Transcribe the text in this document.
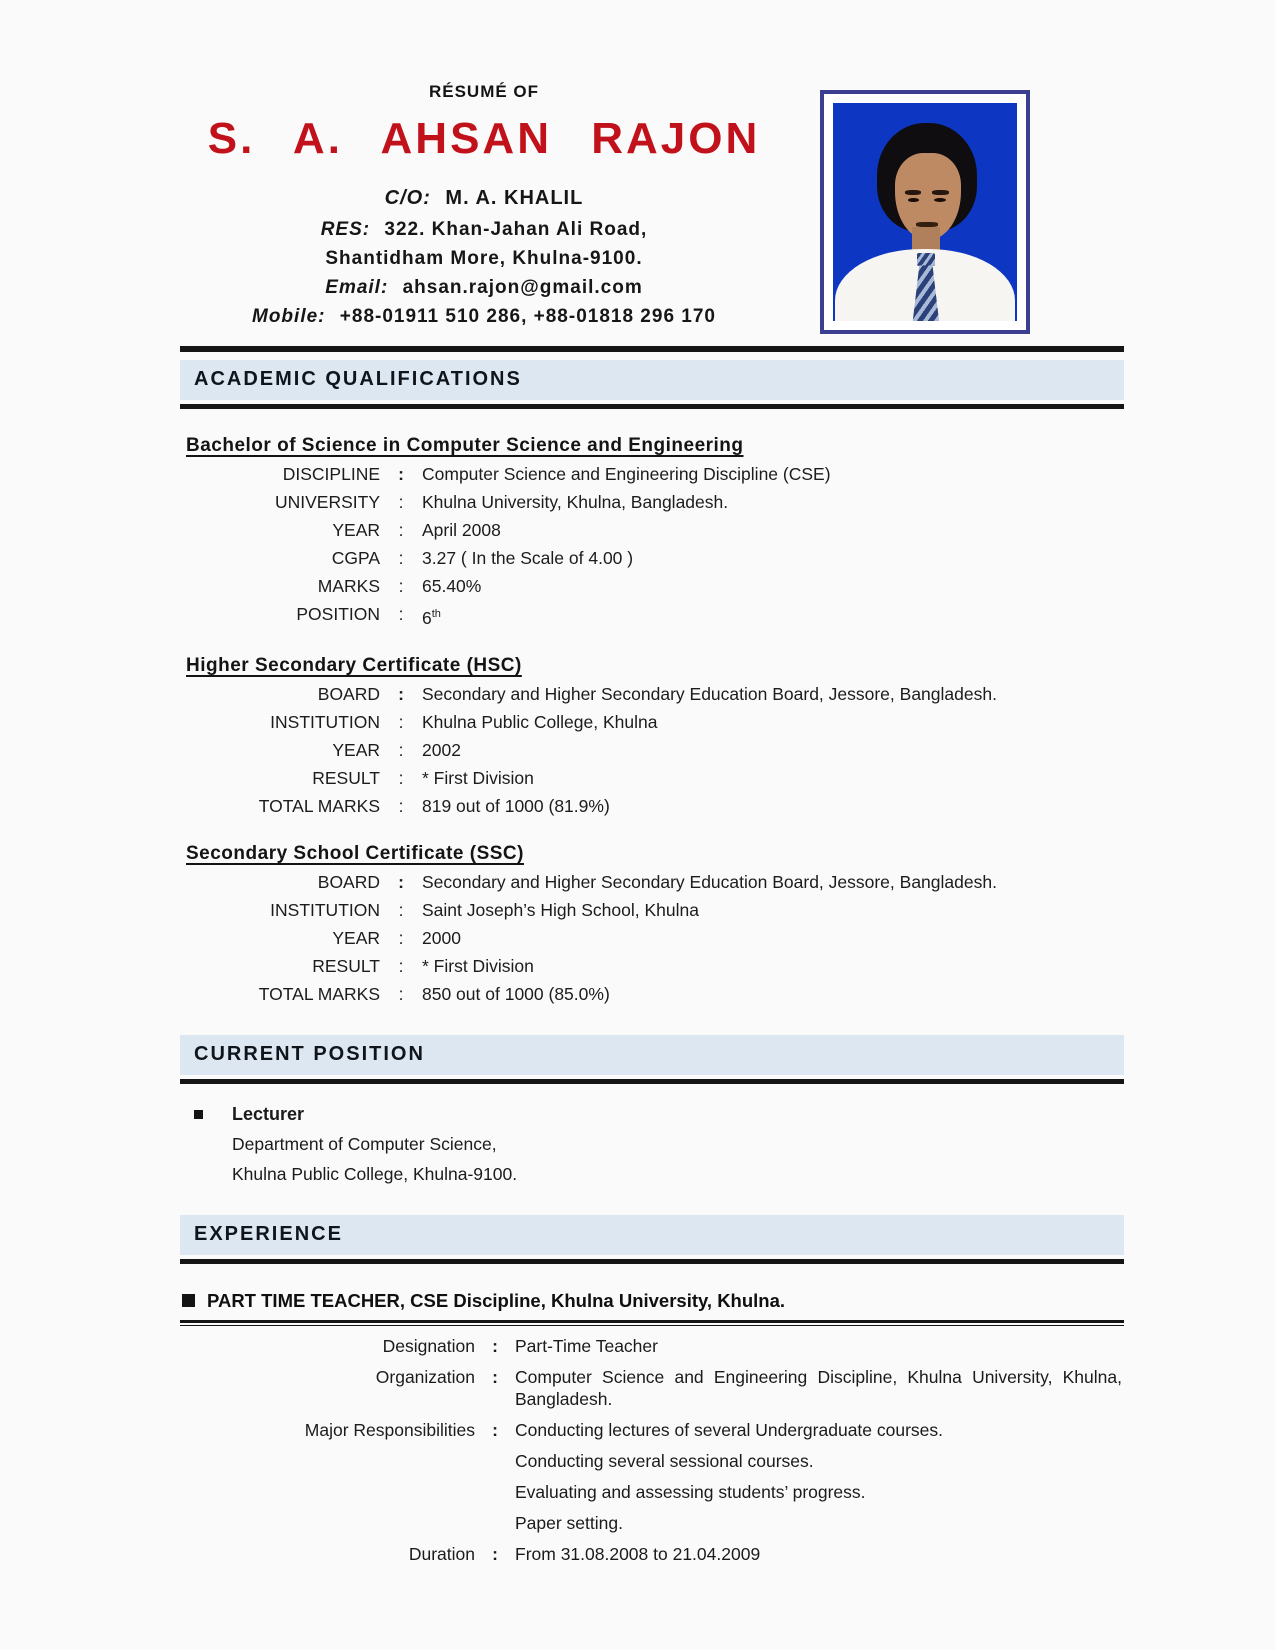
RÉSUMÉ OF
S. A. AHSAN RAJON
C/O: M. A. KHALIL
RES: 322. Khan-Jahan Ali Road,
Shantidham More, Khulna-9100.
Email: ahsan.rajon@gmail.com
Mobile: +88-01911 510 286, +88-01818 296 170
ACADEMIC QUALIFICATIONS
Bachelor of Science in Computer Science and Engineering
DISCIPLINE	:	Computer Science and Engineering Discipline (CSE)
UNIVERSITY	:	Khulna University, Khulna, Bangladesh.
YEAR	:	April 2008
CGPA	:	3.27 ( In the Scale of 4.00 )
MARKS	:	65.40%
POSITION	:	6th
Higher Secondary Certificate (HSC)
BOARD	:	Secondary and Higher Secondary Education Board, Jessore, Bangladesh.
INSTITUTION	:	Khulna Public College, Khulna
YEAR	:	2002
RESULT	:	* First Division
TOTAL MARKS	:	819 out of 1000 (81.9%)
Secondary School Certificate (SSC)
BOARD	:	Secondary and Higher Secondary Education Board, Jessore, Bangladesh.
INSTITUTION	:	Saint Joseph’s High School, Khulna
YEAR	:	2000
RESULT	:	* First Division
TOTAL MARKS	:	850 out of 1000 (85.0%)
CURRENT POSITION
Lecturer
Department of Computer Science,
Khulna Public College, Khulna-9100.
EXPERIENCE
PART TIME TEACHER, CSE Discipline, Khulna University, Khulna.
Designation : Part-Time Teacher
Organization : Computer Science and Engineering Discipline, Khulna University, Khulna, Bangladesh.
Major Responsibilities : Conducting lectures of several Undergraduate courses.
Conducting several sessional courses.
Evaluating and assessing students’ progress.
Paper setting.
Duration : From 31.08.2008 to 21.04.2009
